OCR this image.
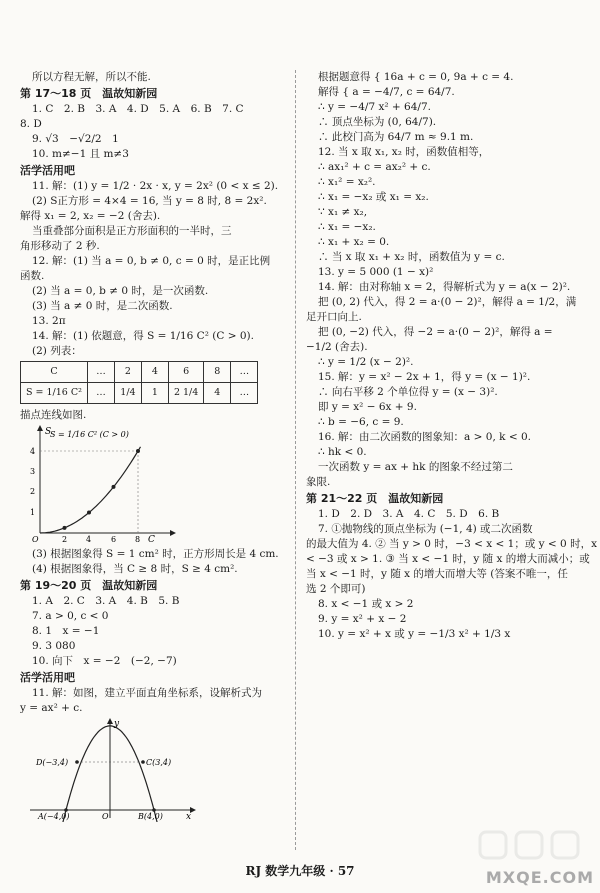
所以方程无解，所以不能.
第 17～18 页　温故知新园
1. C　2. B　3. A　4. D　5. A　6. B　7. C
8. D
9. √3　−√2/2　1
10. m≠−1 且 m≠3
活学活用吧
11. 解：(1) y = 1/2 · 2x · x, y = 2x² (0 < x ≤ 2).
(2) S正方形 = 4×4 = 16, 当 y = 8 时, 8 = 2x².
解得 x₁ = 2, x₂ = −2 (舍去).
当重叠部分面积是正方形面积的一半时，三
角形移动了 2 秒.
12. 解：(1) 当 a = 0, b ≠ 0, c = 0 时，是正比例
函数.
(2) 当 a = 0, b ≠ 0 时，是一次函数.
(3) 当 a ≠ 0 时，是二次函数.
13. 2π
14. 解：(1) 依题意，得 S = 1/16 C² (C > 0).
(2) 列表：
C	…	2	4	6	8	…
S = 1/16 C²	…	1/4	1	2 1/4	4	…
描点连线如图.
1
2
3
4
2 4 6 8
O
S
C
S = 1/16 C² (C > 0)
(3) 根据图象得 S = 1 cm² 时，正方形周长是 4 cm.
(4) 根据图象得，当 C ≥ 8 时，S ≥ 4 cm².
第 19～20 页　温故知新园
1. A　2. C　3. A　4. B　5. B
7. a > 0, c < 0
8. 1　x = −1
9. 3 080
10. 向下　x = −2　(−2, −7)
活学活用吧
11. 解：如图，建立平面直角坐标系，设解析式为
y = ax² + c.
D(−3,4)	C(3,4)
A(−4,0)	B(4,0)
O
y
x
根据题意得 { 16a + c = 0, 9a + c = 4.
解得 { a = −4/7, c = 64/7.
∴ y = −4/7 x² + 64/7.
∴ 顶点坐标为 (0, 64/7).
∴ 此校门高为 64/7 m ≈ 9.1 m.
12. 当 x 取 x₁, x₂ 时，函数值相等，
∴ ax₁² + c = ax₂² + c.
∴ x₁² = x₂².
∴ x₁ = −x₂ 或 x₁ = x₂.
∵ x₁ ≠ x₂,
∴ x₁ = −x₂.
∴ x₁ + x₂ = 0.
∴ 当 x 取 x₁ + x₂ 时，函数值为 y = c.
13. y = 5 000 (1 − x)²
14. 解：由对称轴 x = 2，得解析式为 y = a(x − 2)².
把 (0, 2) 代入，得 2 = a·(0 − 2)²，解得 a = 1/2，满
足开口向上.
把 (0, −2) 代入，得 −2 = a·(0 − 2)²，解得 a =
−1/2 (舍去).
∴ y = 1/2 (x − 2)².
15. 解：y = x² − 2x + 1，得 y = (x − 1)².
∴ 向右平移 2 个单位得 y = (x − 3)².
即 y = x² − 6x + 9.
∴ b = −6, c = 9.
16. 解：由二次函数的图象知：a > 0, k < 0.
∴ hk < 0.
一次函数 y = ax + hk 的图象不经过第二
象限.
第 21～22 页　温故知新园
1. D　2. D　3. A　4. C　5. D　6. B
7. ①抛物线的顶点坐标为 (−1, 4) 或二次函数
的最大值为 4. ② 当 y > 0 时，−3 < x < 1；或 y < 0 时，x
< −3 或 x > 1. ③ 当 x < −1 时，y 随 x 的增大而减小；或
当 x < −1 时，y 随 x 的增大而增大等 (答案不唯一，任
选 2 个即可)
8. x < −1 或 x > 2
9. y = x² + x − 2
10. y = x² + x 或 y = −1/3 x² + 1/3 x
RJ 数学九年级 · 57	MXQE.COM
